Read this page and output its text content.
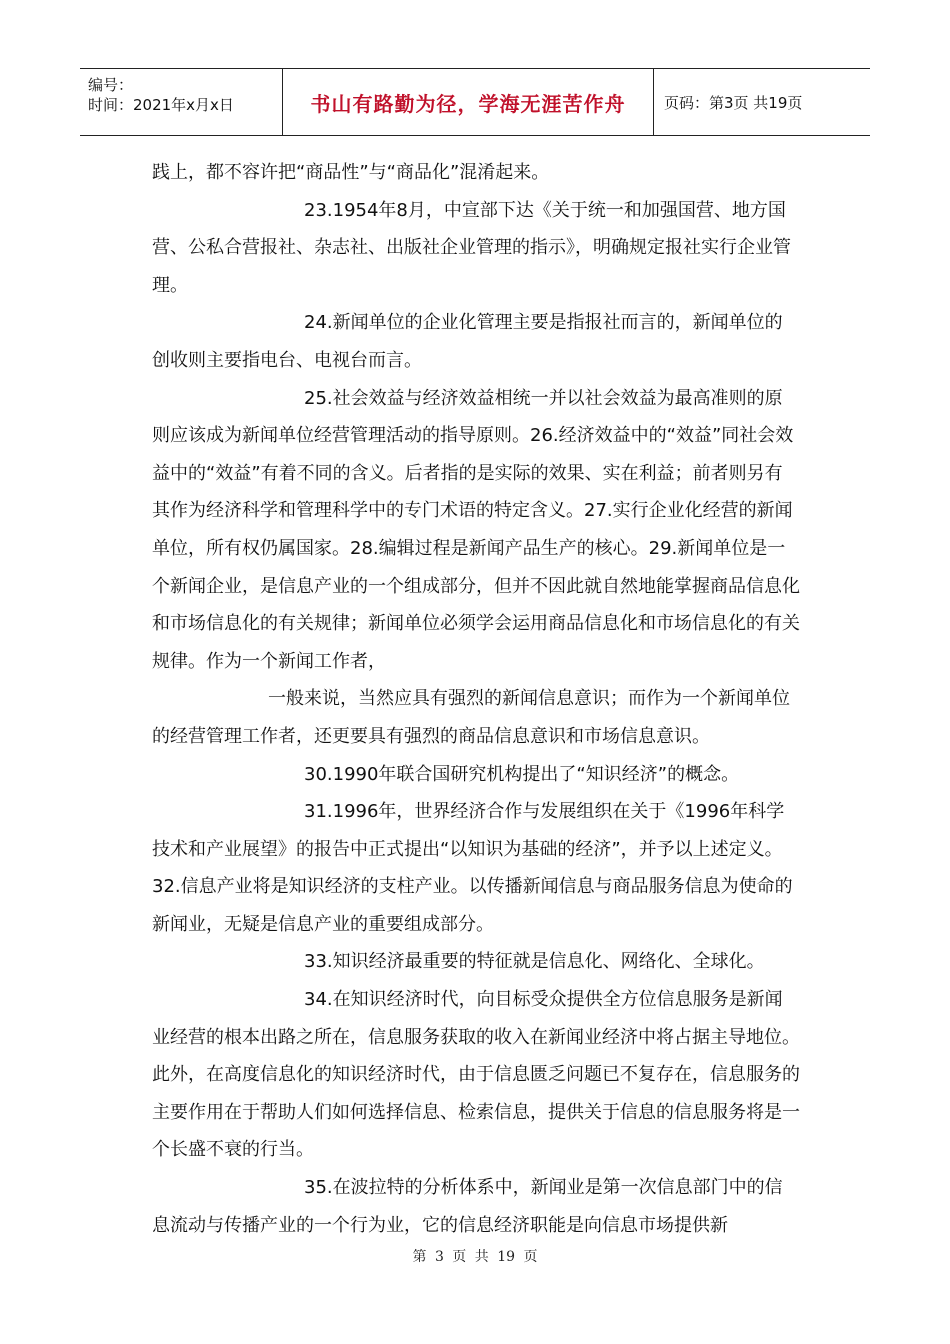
编号：
时间：2021年x月x日	书山有路勤为径，学海无涯苦作舟	页码：第3页 共19页

践上，都不容许把“商品性”与“商品化”混淆起来。

23.1954年8月，中宣部下达《关于统一和加强国营、地方国营、公私合营报社、杂志社、出版社企业管理的指示》，明确规定报社实行企业管理。

24.新闻单位的企业化管理主要是指报社而言的，新闻单位的创收则主要指电台、电视台而言。

25.社会效益与经济效益相统一并以社会效益为最高准则的原则应该成为新闻单位经营管理活动的指导原则。26.经济效益中的“效益”同社会效益中的“效益”有着不同的含义。后者指的是实际的效果、实在利益；前者则另有其作为经济科学和管理科学中的专门术语的特定含义。27.实行企业化经营的新闻单位，所有权仍属国家。28.编辑过程是新闻产品生产的核心。29.新闻单位是一个新闻企业，是信息产业的一个组成部分，但并不因此就自然地能掌握商品信息化和市场信息化的有关规律；新闻单位必须学会运用商品信息化和市场信息化的有关规律。作为一个新闻工作者，

一般来说，当然应具有强烈的新闻信息意识；而作为一个新闻单位的经营管理工作者，还更要具有强烈的商品信息意识和市场信息意识。

30.1990年联合国研究机构提出了“知识经济”的概念。

31.1996年，世界经济合作与发展组织在关于《1996年科学技术和产业展望》的报告中正式提出“以知识为基础的经济”，并予以上述定义。32.信息产业将是知识经济的支柱产业。以传播新闻信息与商品服务信息为使命的新闻业，无疑是信息产业的重要组成部分。

33.知识经济最重要的特征就是信息化、网络化、全球化。

34.在知识经济时代，向目标受众提供全方位信息服务是新闻业经营的根本出路之所在，信息服务获取的收入在新闻业经济中将占据主导地位。此外，在高度信息化的知识经济时代，由于信息匮乏问题已不复存在，信息服务的主要作用在于帮助人们如何选择信息、检索信息，提供关于信息的信息服务将是一个长盛不衰的行当。

35.在波拉特的分析体系中，新闻业是第一次信息部门中的信息流动与传播产业的一个行为业，它的信息经济职能是向信息市场提供新

第 3 页 共 19 页
